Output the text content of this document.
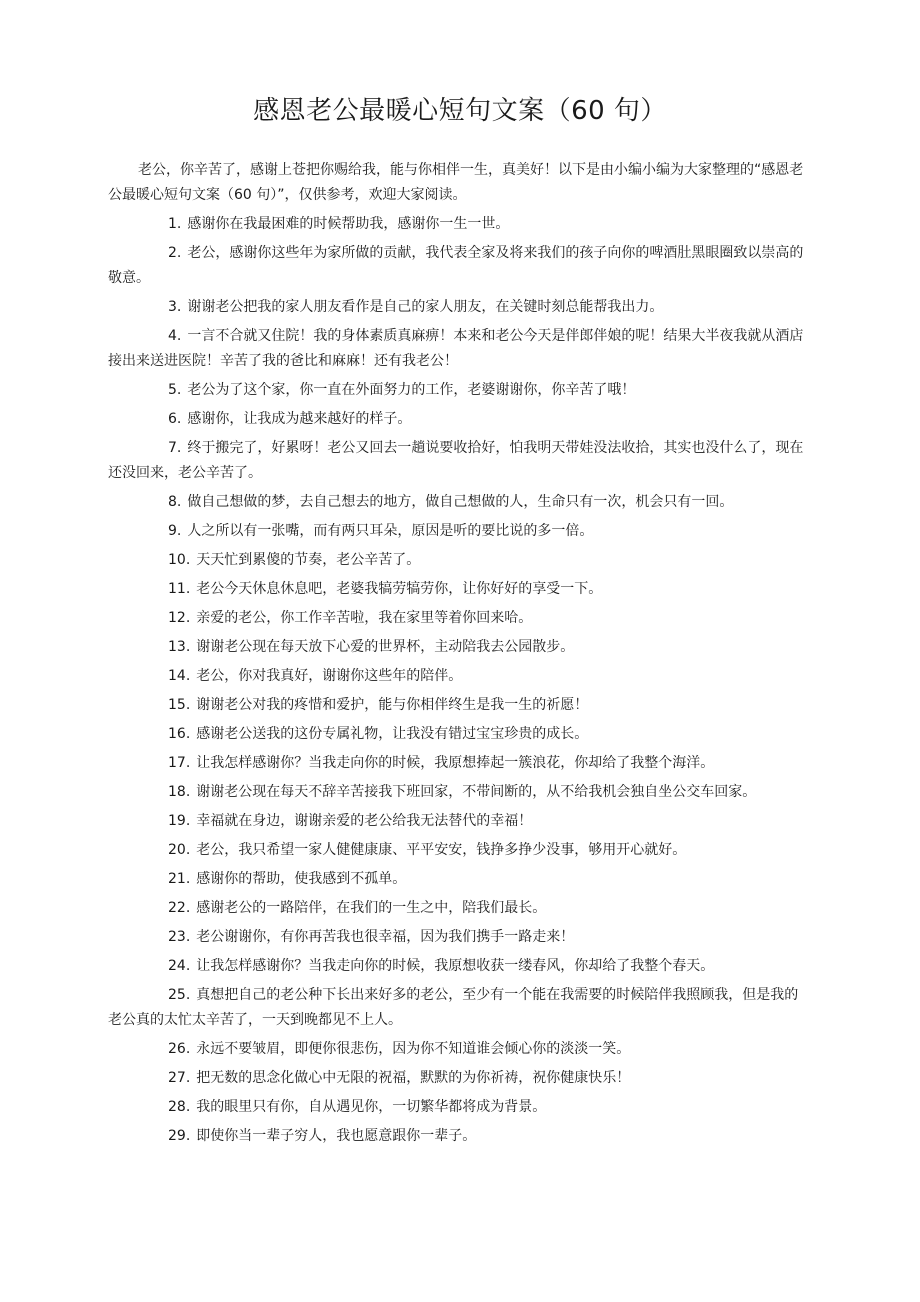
感恩老公最暖心短句文案（60 句）

老公，你辛苦了，感谢上苍把你赐给我，能与你相伴一生，真美好！以下是由小编小编为大家整理的“感恩老公最暖心短句文案（60 句）”，仅供参考，欢迎大家阅读。

1. 感谢你在我最困难的时候帮助我，感谢你一生一世。

2. 老公，感谢你这些年为家所做的贡献，我代表全家及将来我们的孩子向你的啤酒肚黑眼圈致以崇高的敬意。

3. 谢谢老公把我的家人朋友看作是自己的家人朋友，在关键时刻总能帮我出力。

4. 一言不合就又住院！我的身体素质真麻痹！本来和老公今天是伴郎伴娘的呢！结果大半夜我就从酒店接出来送进医院！辛苦了我的爸比和麻麻！还有我老公！

5. 老公为了这个家，你一直在外面努力的工作，老婆谢谢你，你辛苦了哦！

6. 感谢你，让我成为越来越好的样子。

7. 终于搬完了，好累呀！老公又回去一趟说要收拾好，怕我明天带娃没法收拾，其实也没什么了，现在还没回来，老公辛苦了。

8. 做自己想做的梦，去自己想去的地方，做自己想做的人，生命只有一次，机会只有一回。

9. 人之所以有一张嘴，而有两只耳朵，原因是听的要比说的多一倍。

10. 天天忙到累傻的节奏，老公辛苦了。

11. 老公今天休息休息吧，老婆我犒劳犒劳你，让你好好的享受一下。

12. 亲爱的老公，你工作辛苦啦，我在家里等着你回来哈。

13. 谢谢老公现在每天放下心爱的世界杯，主动陪我去公园散步。

14. 老公，你对我真好，谢谢你这些年的陪伴。

15. 谢谢老公对我的疼惜和爱护，能与你相伴终生是我一生的祈愿！

16. 感谢老公送我的这份专属礼物，让我没有错过宝宝珍贵的成长。

17. 让我怎样感谢你？当我走向你的时候，我原想捧起一簇浪花，你却给了我整个海洋。

18. 谢谢老公现在每天不辞辛苦接我下班回家，不带间断的，从不给我机会独自坐公交车回家。

19. 幸福就在身边，谢谢亲爱的老公给我无法替代的幸福！

20. 老公，我只希望一家人健健康康、平平安安，钱挣多挣少没事，够用开心就好。

21. 感谢你的帮助，使我感到不孤单。

22. 感谢老公的一路陪伴，在我们的一生之中，陪我们最长。

23. 老公谢谢你，有你再苦我也很幸福，因为我们携手一路走来！

24. 让我怎样感谢你？当我走向你的时候，我原想收获一缕春风，你却给了我整个春天。

25. 真想把自己的老公种下长出来好多的老公，至少有一个能在我需要的时候陪伴我照顾我，但是我的老公真的太忙太辛苦了，一天到晚都见不上人。

26. 永远不要皱眉，即便你很悲伤，因为你不知道谁会倾心你的淡淡一笑。

27. 把无数的思念化做心中无限的祝福，默默的为你祈祷，祝你健康快乐！

28. 我的眼里只有你，自从遇见你，一切繁华都将成为背景。

29. 即使你当一辈子穷人，我也愿意跟你一辈子。
